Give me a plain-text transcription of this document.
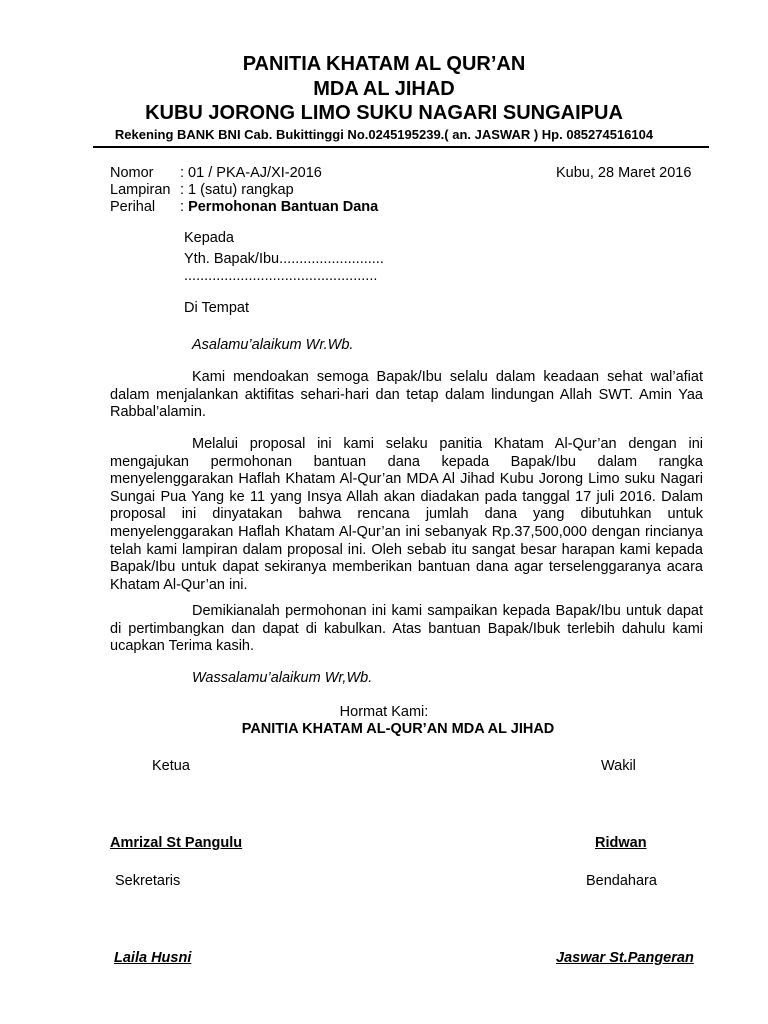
PANITIA KHATAM AL QUR’AN
MDA AL JIHAD
KUBU JORONG LIMO SUKU NAGARI SUNGAIPUA
Rekening BANK BNI Cab. Bukittinggi No.0245195239.( an. JASWAR ) Hp. 085274516104
Nomor : 01 / PKA-AJ/XI-2016	Kubu, 28 Maret 2016
Lampiran : 1 (satu) rangkap
Perihal : Permohonan Bantuan Dana
Kepada
Yth. Bapak/Ibu..........................
................................................
Di Tempat
Asalamu’alaikum Wr.Wb.
Kami mendoakan semoga Bapak/Ibu selalu dalam keadaan sehat wal’afiat dalam menjalankan aktifitas sehari-hari dan tetap dalam lindungan Allah SWT. Amin Yaa Rabbal’alamin.
Melalui proposal ini kami selaku panitia Khatam Al-Qur’an dengan ini mengajukan permohonan bantuan dana kepada Bapak/Ibu dalam rangka menyelenggarakan Haflah Khatam Al-Qur’an MDA Al Jihad Kubu Jorong Limo suku Nagari Sungai Pua Yang ke 11 yang Insya Allah akan diadakan pada tanggal 17 juli 2016. Dalam proposal ini dinyatakan bahwa rencana jumlah dana yang dibutuhkan untuk menyelenggarakan Haflah Khatam Al-Qur’an ini sebanyak Rp.37,500,000 dengan rincianya telah kami lampiran dalam proposal ini. Oleh sebab itu sangat besar harapan kami kepada Bapak/Ibu untuk dapat sekiranya memberikan bantuan dana agar terselenggaranya acara Khatam Al-Qur’an ini.
Demikianalah permohonan ini kami sampaikan kepada Bapak/Ibu untuk dapat di pertimbangkan dan dapat di kabulkan. Atas bantuan Bapak/Ibuk terlebih dahulu kami ucapkan Terima kasih.
Wassalamu’alaikum Wr,Wb.
Hormat Kami:
PANITIA KHATAM AL-QUR’AN MDA AL JIHAD
Ketua	Wakil
Amrizal St Pangulu	Ridwan
Sekretaris	Bendahara
Laila Husni	Jaswar St.Pangeran
